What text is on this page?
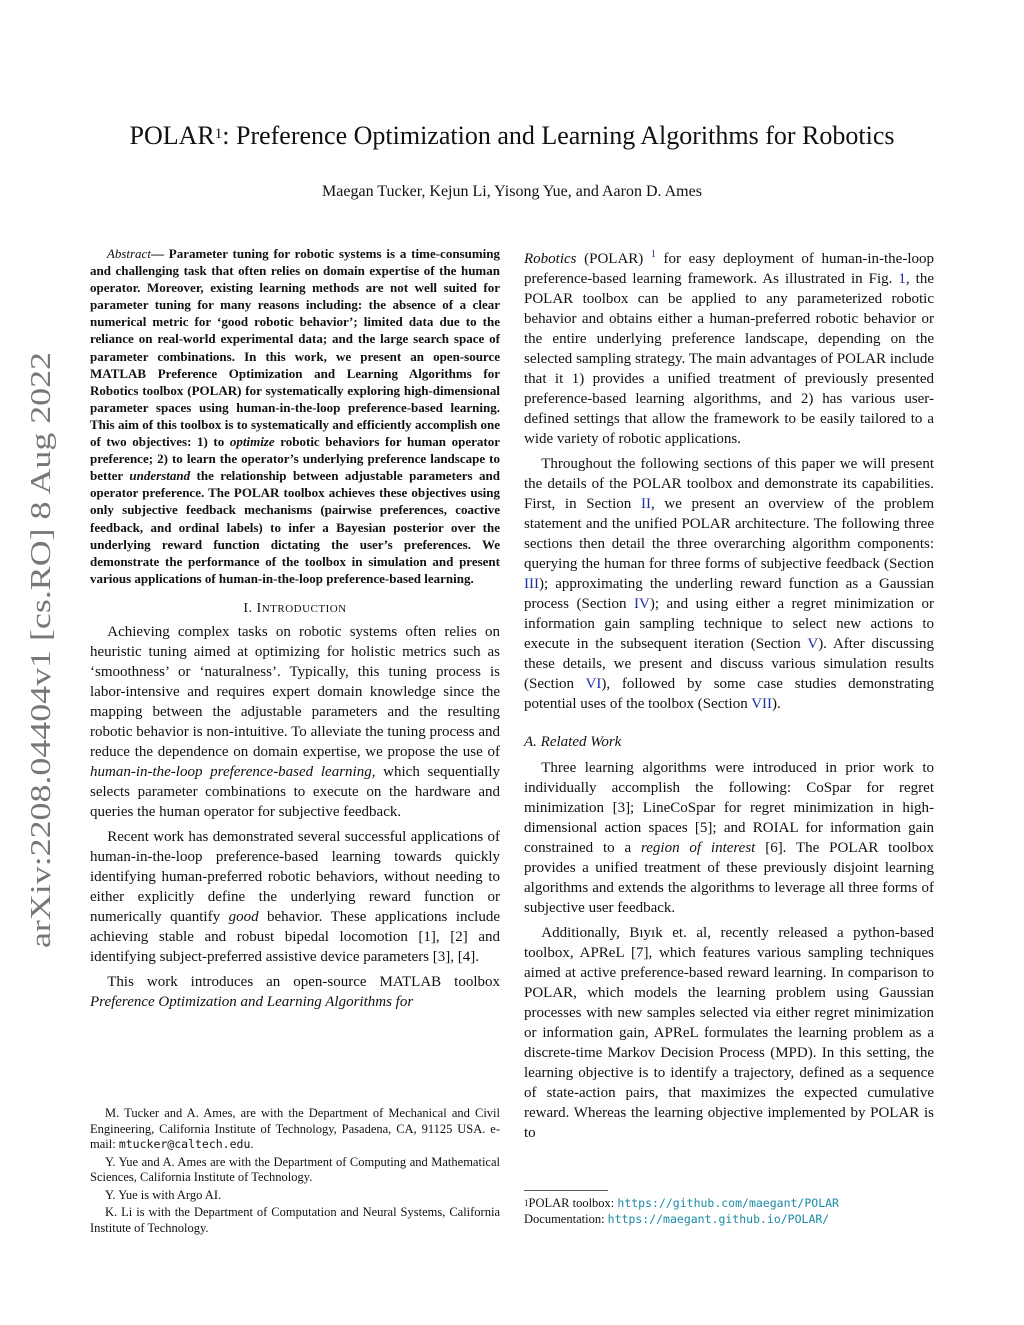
arXiv:2208.04404v1 [cs.RO] 8 Aug 2022
POLAR$^1$: Preference Optimization and Learning Algorithms for Robotics
Maegan Tucker, Kejun Li, Yisong Yue, and Aaron D. Ames

Abstract— Parameter tuning for robotic systems is a time-consuming and challenging task that often relies on domain expertise of the human operator. Moreover, existing learning methods are not well suited for parameter tuning for many reasons including: the absence of a clear numerical metric for ‘good robotic behavior’; limited data due to the reliance on real-world experimental data; and the large search space of parameter combinations. In this work, we present an open-source MATLAB Preference Optimization and Learning Algorithms for Robotics toolbox (POLAR) for systematically exploring high-dimensional parameter spaces using human-in-the-loop preference-based learning. This aim of this toolbox is to systematically and efficiently accomplish one of two objectives: 1) to optimize robotic behaviors for human operator preference; 2) to learn the operator’s underlying preference landscape to better understand the relationship between adjustable parameters and operator preference. The POLAR toolbox achieves these objectives using only subjective feedback mechanisms (pairwise preferences, coactive feedback, and ordinal labels) to infer a Bayesian posterior over the underlying reward function dictating the user’s preferences. We demonstrate the performance of the toolbox in simulation and present various applications of human-in-the-loop preference-based learning.

I. INTRODUCTION

Achieving complex tasks on robotic systems often relies on heuristic tuning aimed at optimizing for holistic metrics such as ‘smoothness’ or ‘naturalness’. Typically, this tuning process is labor-intensive and requires expert domain knowledge since the mapping between the adjustable parameters and the resulting robotic behavior is non-intuitive. To alleviate the tuning process and reduce the dependence on domain expertise, we propose the use of human-in-the-loop preference-based learning, which sequentially selects parameter combinations to execute on the hardware and queries the human operator for subjective feedback.

Recent work has demonstrated several successful applications of human-in-the-loop preference-based learning towards quickly identifying human-preferred robotic behaviors, without needing to either explicitly define the underlying reward function or numerically quantify good behavior. These applications include achieving stable and robust bipedal locomotion [1], [2] and identifying subject-preferred assistive device parameters [3], [4].

This work introduces an open-source MATLAB toolbox Preference Optimization and Learning Algorithms for

M. Tucker and A. Ames, are with the Department of Mechanical and Civil Engineering, California Institute of Technology, Pasadena, CA, 91125 USA. e-mail: mtucker@caltech.edu.

Y. Yue and A. Ames are with the Department of Computing and Mathematical Sciences, California Institute of Technology.

Y. Yue is with Argo AI.

K. Li is with the Department of Computation and Neural Systems, California Institute of Technology.

Robotics (POLAR) $^1$ for easy deployment of human-in-the-loop preference-based learning framework. As illustrated in Fig. 1, the POLAR toolbox can be applied to any parameterized robotic behavior and obtains either a human-preferred robotic behavior or the entire underlying preference landscape, depending on the selected sampling strategy. The main advantages of POLAR include that it 1) provides a unified treatment of previously presented preference-based learning algorithms, and 2) has various user-defined settings that allow the framework to be easily tailored to a wide variety of robotic applications.

Throughout the following sections of this paper we will present the details of the POLAR toolbox and demonstrate its capabilities. First, in Section II, we present an overview of the problem statement and the unified POLAR architecture. The following three sections then detail the three overarching algorithm components: querying the human for three forms of subjective feedback (Section III); approximating the underling reward function as a Gaussian process (Section IV); and using either a regret minimization or information gain sampling technique to select new actions to execute in the subsequent iteration (Section V). After discussing these details, we present and discuss various simulation results (Section VI), followed by some case studies demonstrating potential uses of the toolbox (Section VII).

A. Related Work

Three learning algorithms were introduced in prior work to individually accomplish the following: CoSpar for regret minimization [3]; LineCoSpar for regret minimization in high-dimensional action spaces [5]; and ROIAL for information gain constrained to a region of interest [6]. The POLAR toolbox provides a unified treatment of these previously disjoint learning algorithms and extends the algorithms to leverage all three forms of subjective user feedback.

Additionally, Bıyık et. al, recently released a python-based toolbox, APReL [7], which features various sampling techniques aimed at active preference-based reward learning. In comparison to POLAR, which models the learning problem using Gaussian processes with new samples selected via either regret minimization or information gain, APReL formulates the learning problem as a discrete-time Markov Decision Process (MPD). In this setting, the learning objective is to identify a trajectory, defined as a sequence of state-action pairs, that maximizes the expected cumulative reward. Whereas the learning objective implemented by POLAR is to

$^1$POLAR toolbox: https://github.com/maegant/POLAR
Documentation: https://maegant.github.io/POLAR/
